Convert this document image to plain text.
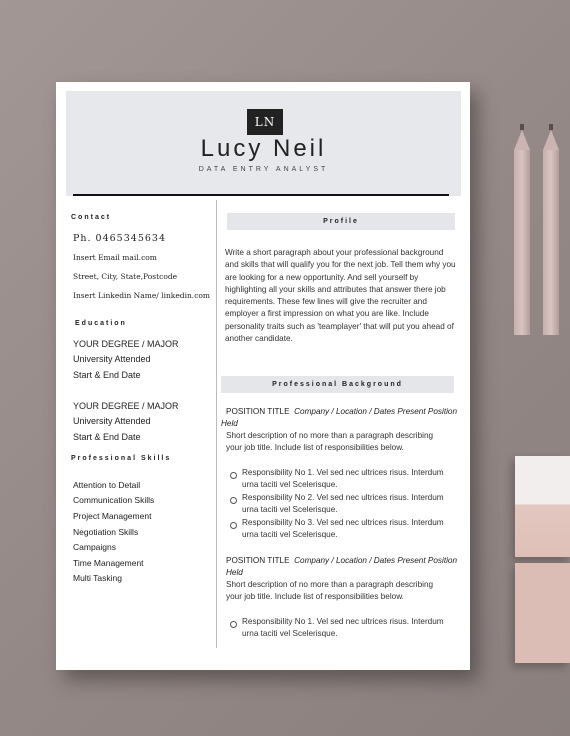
LN
Lucy Neil
DATA ENTRY ANALYST
Contact
Ph. 0465345634
Insert Email mail.com
Street, City, State,Postcode
Insert Linkedin Name/ linkedin.com
Education
YOUR DEGREE / MAJOR
University Attended
Start & End Date
YOUR DEGREE / MAJOR
University Attended
Start & End Date
Professional Skills
Attention to Detail
Communication Skills
Project Management
Negotiation Skills
Campaigns
Time Management
Multi Tasking
Profile
Write a short paragraph about your professional background
and skills that will qualify you for the next job. Tell them why you
are looking for a new opportunity. And sell yourself by
highlighting all your skills and attributes that answer there job
requirements. These few lines will give the recruiter and
employer a first impression on what you are like. Include
personality traits such as 'teamplayer' that will put you ahead of
another candidate.
Professional Background
POSITION TITLE Company / Location / Dates Present Position
Held
Short description of no more than a paragraph describing
your job title. Include list of responsibilities below.
Responsibility No 1. Vel sed nec ultrices risus. Interdum
urna taciti vel Scelerisque.
Responsibility No 2. Vel sed nec ultrices risus. Interdum
urna taciti vel Scelerisque.
Responsibility No 3. Vel sed nec ultrices risus. Interdum
urna taciti vel Scelerisque.
POSITION TITLE Company / Location / Dates Present Position
Held
Short description of no more than a paragraph describing
your job title. Include list of responsibilities below.
Responsibility No 1. Vel sed nec ultrices risus. Interdum
urna taciti vel Scelerisque.
